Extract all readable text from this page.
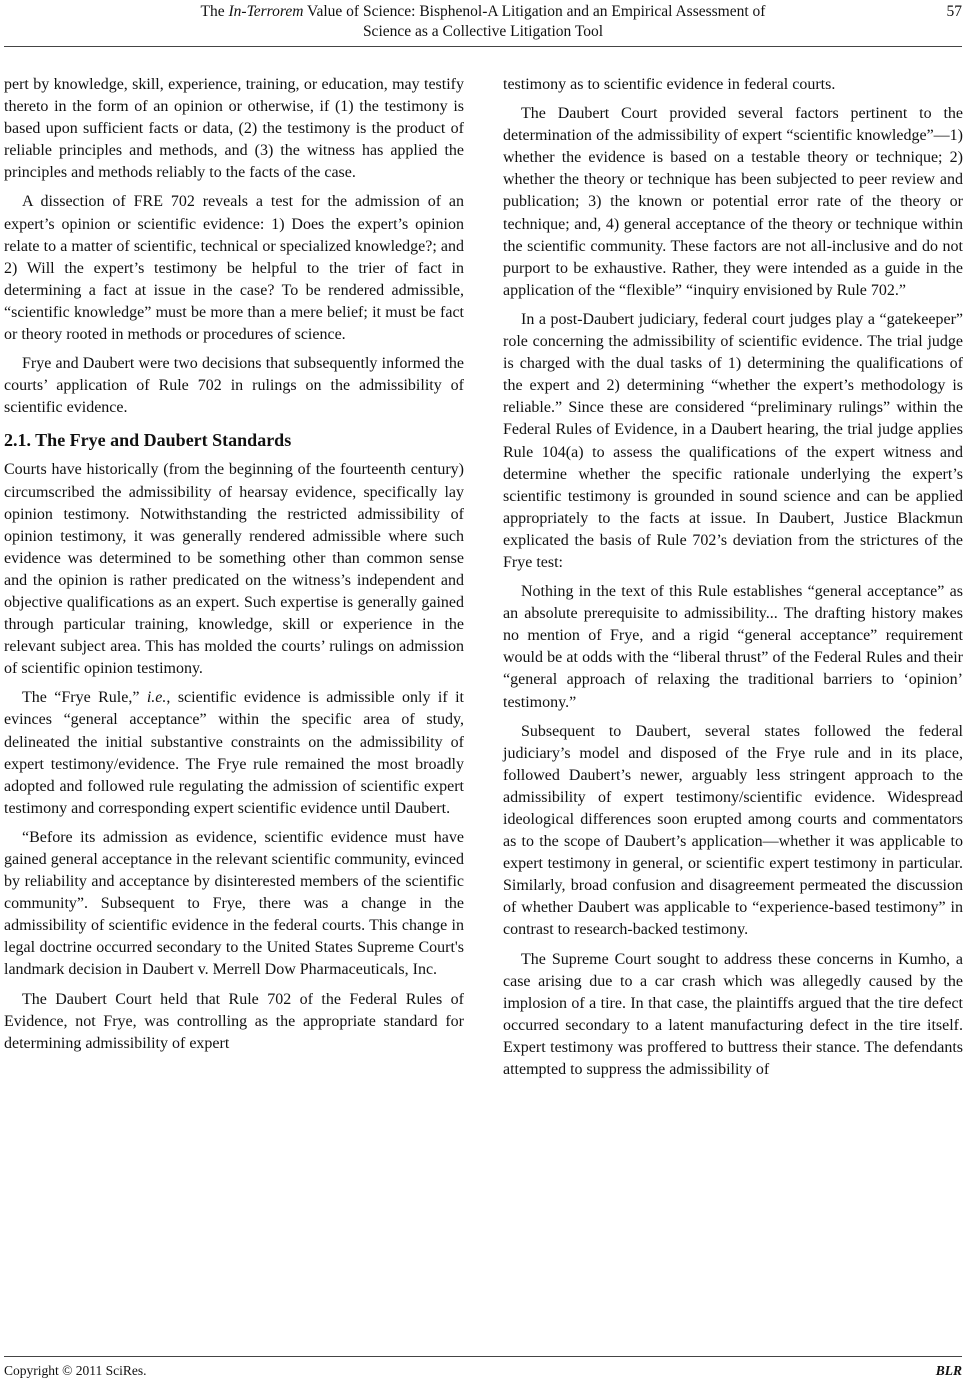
The In-Terrorem Value of Science: Bisphenol-A Litigation and an Empirical Assessment of
Science as a Collective Litigation Tool
57

pert by knowledge, skill, experience, training, or education, may testify thereto in the form of an opinion or otherwise, if (1) the testimony is based upon sufficient facts or data, (2) the testimony is the product of reliable principles and methods, and (3) the witness has applied the principles and methods reliably to the facts of the case.

A dissection of FRE 702 reveals a test for the admission of an expert’s opinion or scientific evidence: 1) Does the expert’s opinion relate to a matter of scientific, technical or specialized knowledge?; and 2) Will the expert’s testimony be helpful to the trier of fact in determining a fact at issue in the case? To be rendered admissible, “scientific knowledge” must be more than a mere belief; it must be fact or theory rooted in methods or procedures of science.

Frye and Daubert were two decisions that subsequently informed the courts’ application of Rule 702 in rulings on the admissibility of scientific evidence.

2.1. The Frye and Daubert Standards

Courts have historically (from the beginning of the fourteenth century) circumscribed the admissibility of hearsay evidence, specifically lay opinion testimony. Notwithstanding the restricted admissibility of opinion testimony, it was generally rendered admissible where such evidence was determined to be something other than common sense and the opinion is rather predicated on the witness’s independent and objective qualifications as an expert. Such expertise is generally gained through particular training, knowledge, skill or experience in the relevant subject area. This has molded the courts’ rulings on admission of scientific opinion testimony.

The “Frye Rule,” i.e., scientific evidence is admissible only if it evinces “general acceptance” within the specific area of study, delineated the initial substantive constraints on the admissibility of expert testimony/evidence. The Frye rule remained the most broadly adopted and followed rule regulating the admission of scientific expert testimony and corresponding expert scientific evidence until Daubert.

“Before its admission as evidence, scientific evidence must have gained general acceptance in the relevant scientific community, evinced by reliability and acceptance by disinterested members of the scientific community”. Subsequent to Frye, there was a change in the admissibility of scientific evidence in the federal courts. This change in legal doctrine occurred secondary to the United States Supreme Court's landmark decision in Daubert v. Merrell Dow Pharmaceuticals, Inc.

The Daubert Court held that Rule 702 of the Federal Rules of Evidence, not Frye, was controlling as the appropriate standard for determining admissibility of expert

testimony as to scientific evidence in federal courts.

The Daubert Court provided several factors pertinent to the determination of the admissibility of expert “scientific knowledge”—1) whether the evidence is based on a testable theory or technique; 2) whether the theory or technique has been subjected to peer review and publication; 3) the known or potential error rate of the theory or technique; and, 4) general acceptance of the theory or technique within the scientific community. These factors are not all-inclusive and do not purport to be exhaustive. Rather, they were intended as a guide in the application of the “flexible” “inquiry envisioned by Rule 702.”

In a post-Daubert judiciary, federal court judges play a “gatekeeper” role concerning the admissibility of scientific evidence. The trial judge is charged with the dual tasks of 1) determining the qualifications of the expert and 2) determining “whether the expert’s methodology is reliable.” Since these are considered “preliminary rulings” within the Federal Rules of Evidence, in a Daubert hearing, the trial judge applies Rule 104(a) to assess the qualifications of the expert witness and determine whether the specific rationale underlying the expert’s scientific testimony is grounded in sound science and can be applied appropriately to the facts at issue. In Daubert, Justice Blackmun explicated the basis of Rule 702’s deviation from the strictures of the Frye test:

Nothing in the text of this Rule establishes “general acceptance” as an absolute prerequisite to admissibility... The drafting history makes no mention of Frye, and a rigid “general acceptance” requirement would be at odds with the “liberal thrust” of the Federal Rules and their “general approach of relaxing the traditional barriers to ‘opinion’ testimony.”

Subsequent to Daubert, several states followed the federal judiciary’s model and disposed of the Frye rule and in its place, followed Daubert’s newer, arguably less stringent approach to the admissibility of expert testimony/scientific evidence. Widespread ideological differences soon erupted among courts and commentators as to the scope of Daubert’s application—whether it was applicable to expert testimony in general, or scientific expert testimony in particular. Similarly, broad confusion and disagreement permeated the discussion of whether Daubert was applicable to “experience-based testimony” in contrast to research-backed testimony.

The Supreme Court sought to address these concerns in Kumho, a case arising due to a car crash which was allegedly caused by the implosion of a tire. In that case, the plaintiffs argued that the tire defect occurred secondary to a latent manufacturing defect in the tire itself. Expert testimony was proffered to buttress their stance. The defendants attempted to suppress the admissibility of

Copyright © 2011 SciRes.	BLR
